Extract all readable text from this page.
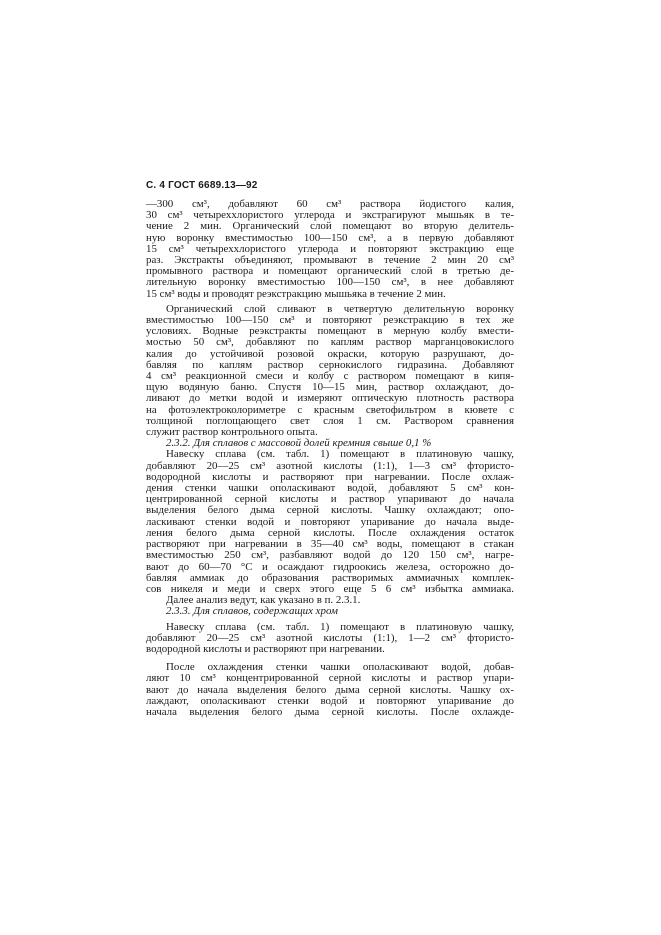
С. 4 ГОСТ 6689.13—92

—300 см³, добавляют 60 см³ раствора йодистого калия,

30 см³ четыреххлористого углерода и экстрагируют мышьяк в те-

чение 2 мин. Органический слой помещают во вторую делитель-

ную воронку вместимостью 100—150 см³, а в первую добавляют

15 см³ четыреххлористого углерода и повторяют экстракцию еще

раз. Экстракты объединяют, промывают в течение 2 мин 20 см³

промывного раствора и помещают органический слой в третью де-

лительную воронку вместимостью 100—150 см³, в нее добавляют

15 см³ воды и проводят реэкстракцию мышьяка в течение 2 мин.

Органический слой сливают в четвертую делительную воронку

вместимостью 100—150 см³ и повторяют реэкстракцию в тех же

условиях. Водные реэкстракты помещают в мерную колбу вмести-

мостью 50 см³, добавляют по каплям раствор марганцовокислого

калия до устойчивой розовой окраски, которую разрушают, до-

бавляя по каплям раствор сернокислого гидразина. Добавляют

4 см³ реакционной смеси и колбу с раствором помещают в кипя-

щую водяную баню. Спустя 10—15 мин, раствор охлаждают, до-

ливают до метки водой и измеряют оптическую плотность раствора

на фотоэлектроколориметре с красным светофильтром в кювете с

толщиной поглощающего свет слоя 1 см. Раствором сравнения

служит раствор контрольного опыта.

2.3.2. Для сплавов с массовой долей кремния свыше 0,1 %

Навеску сплава (см. табл. 1) помещают в платиновую чашку,

добавляют 20—25 см³ азотной кислоты (1:1), 1—3 см³ фтористо-

водородной кислоты и растворяют при нагревании. После охлаж-

дения стенки чашки ополаскивают водой, добавляют 5 см³ кон-

центрированной серной кислоты и раствор упаривают до начала

выделения белого дыма серной кислоты. Чашку охлаждают; опо-

ласкивают стенки водой и повторяют упаривание до начала выде-

ления белого дыма серной кислоты. После охлаждения остаток

растворяют при нагревании в 35—40 см³ воды, помещают в стакан

вместимостью 250 см³, разбавляют водой до 120 150 см³, нагре-

вают до 60—70 °С и осаждают гидроокись железа, осторожно до-

бавляя аммиак до образования растворимых аммиачных комплек-

сов никеля и меди и сверх этого еще 5 6 см³ избытка аммиака.

Далее анализ ведут, как указано в п. 2.3.1.

2.3.3. Для сплавов, содержащих хром

Навеску сплава (см. табл. 1) помещают в платиновую чашку,

добавляют 20—25 см³ азотной кислоты (1:1), 1—2 см³ фтористо-

водородной кислоты и растворяют при нагревании.

После охлаждения стенки чашки ополаскивают водой, добав-

ляют 10 см³ концентрированной серной кислоты и раствор упари-

вают до начала выделения белого дыма серной кислоты. Чашку ох-

лаждают, ополаскивают стенки водой и повторяют упаривание до

начала выделения белого дыма серной кислоты. После охлажде-
